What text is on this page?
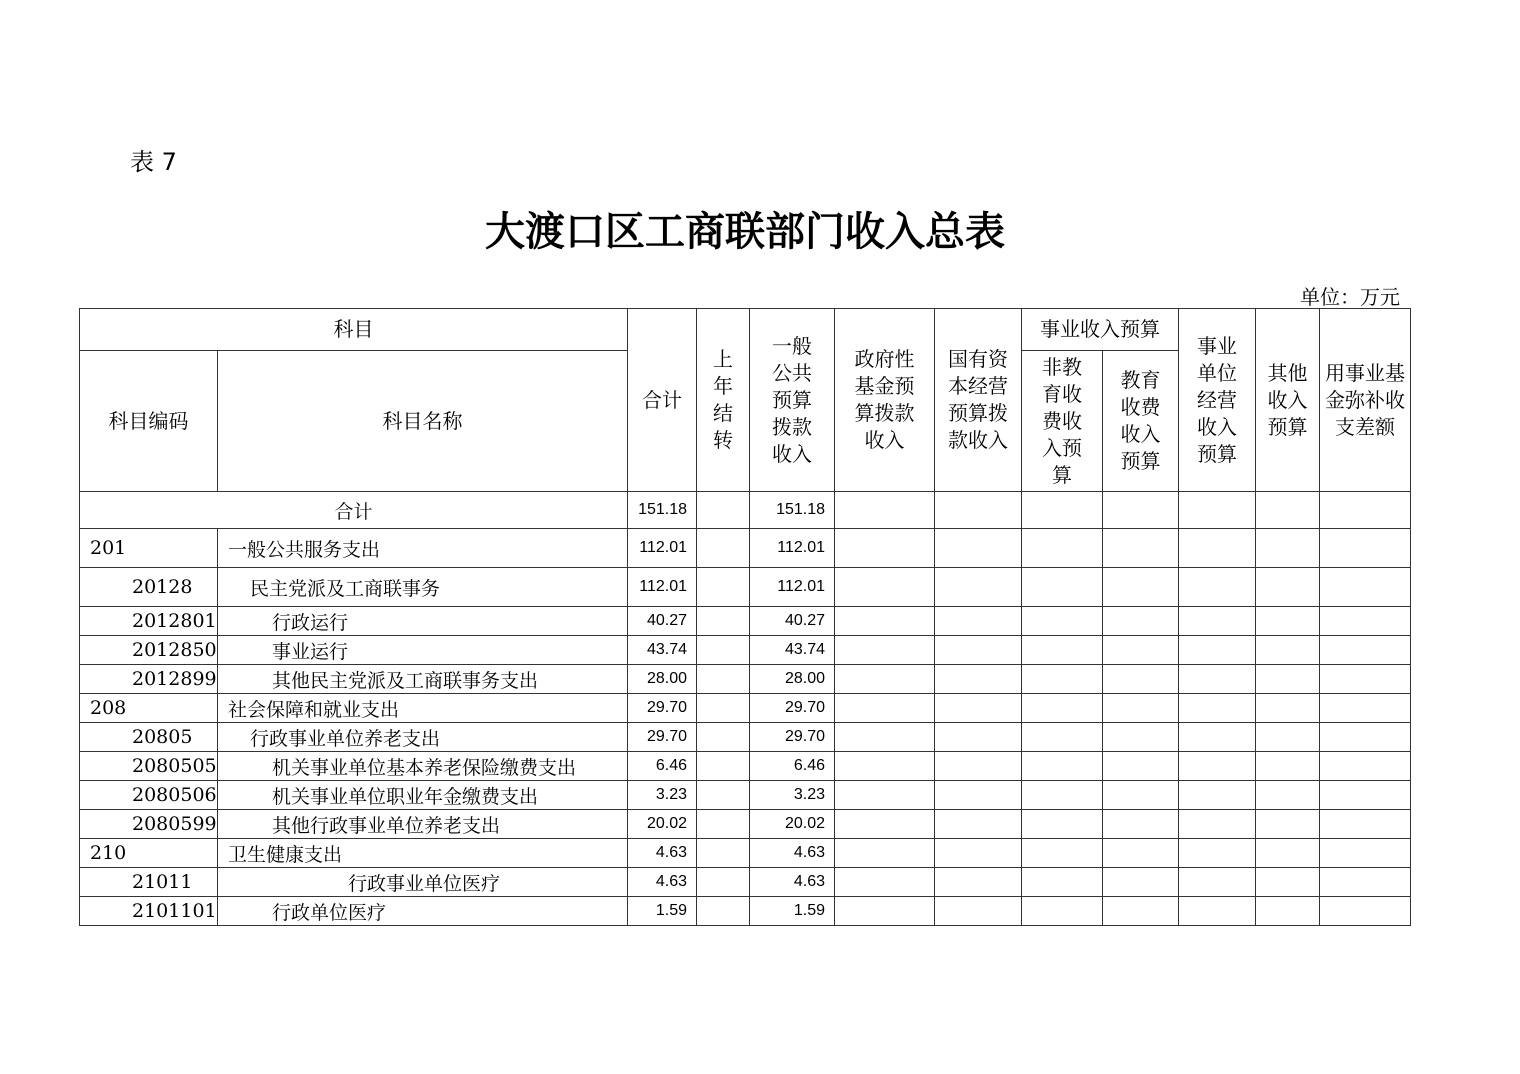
表 7
大渡口区工商联部门收入总表
单位：万元
科目		合计	上年结转	一般公共预算拨款收入	政府性基金预算拨款收入	国有资本经营预算拨款收入	事业收入预算		事业单位经营收入预算	其他收入预算	用事业基金弥补收支差额
科目编码	科目名称						非教育收费收入预算	教育收费收入预算			
合计		151.18		151.18							
201	一般公共服务支出	112.01		112.01							
20128	民主党派及工商联事务	112.01		112.01							
2012801	行政运行	40.27		40.27							
2012850	事业运行	43.74		43.74							
2012899	其他民主党派及工商联事务支出	28.00		28.00							
208	社会保障和就业支出	29.70		29.70							
20805	行政事业单位养老支出	29.70		29.70							
2080505	机关事业单位基本养老保险缴费支出	6.46		6.46							
2080506	机关事业单位职业年金缴费支出	3.23		3.23							
2080599	其他行政事业单位养老支出	20.02		20.02							
210	卫生健康支出	4.63		4.63							
21011	行政事业单位医疗	4.63		4.63							
2101101	行政单位医疗	1.59		1.59							
